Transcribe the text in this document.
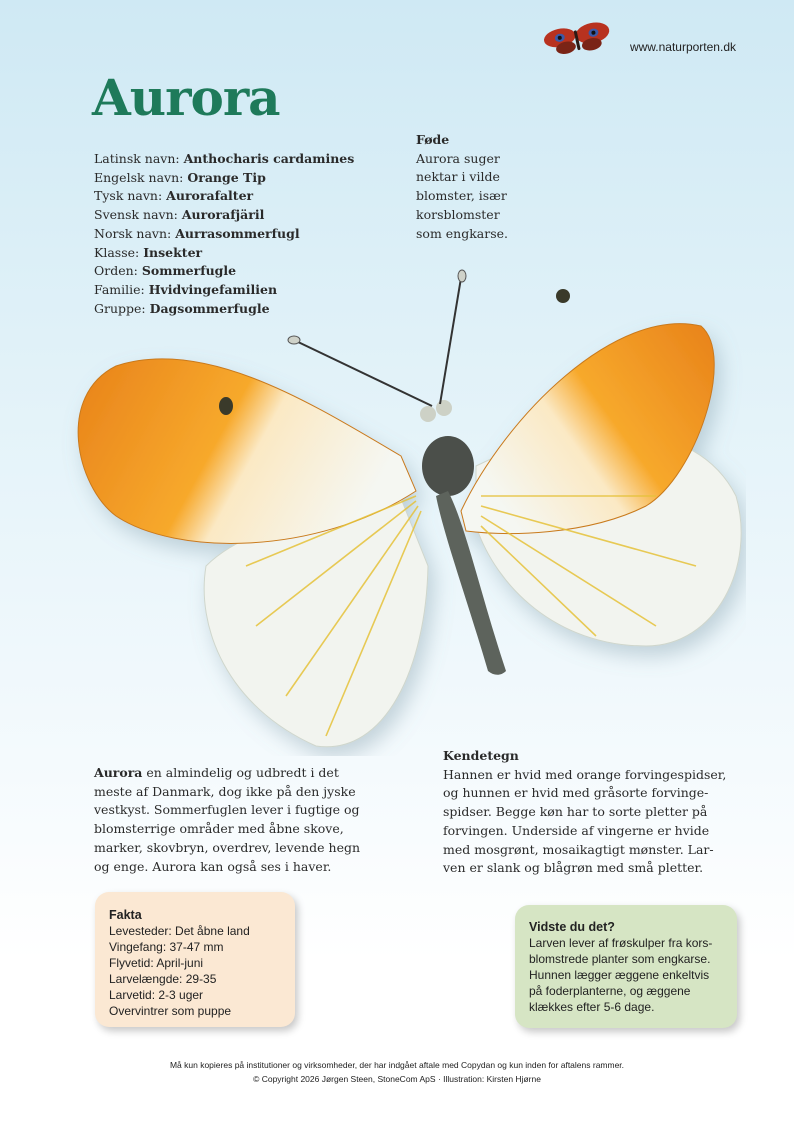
www.naturporten.dk
Aurora
Latinsk navn: Anthocharis cardamines
Engelsk navn: Orange Tip
Tysk navn: Aurorafalter
Svensk navn: Aurorafjäril
Norsk navn: Aurrasommerfugl
Klasse: Insekter
Orden: Sommerfugle
Familie: Hvidvingefamilien
Gruppe: Dagsommerfugle
Føde
Aurora suger
nektar i vilde
blomster, især
korsblomster
som engkarse.
Aurora en almindelig og udbredt i det
meste af Danmark, dog ikke på den jyske
vestkyst. Sommerfuglen lever i fugtige og
blomsterrige områder med åbne skove,
marker, skovbryn, overdrev, levende hegn
og enge. Aurora kan også ses i haver.
Kendetegn
Hannen er hvid med orange forvingespidser,
og hunnen er hvid med gråsorte forvinge-
spidser. Begge køn har to sorte pletter på
forvingen. Underside af vingerne er hvide
med mosgrønt, mosaikagtigt mønster. Lar-
ven er slank og blågrøn med små pletter.
Fakta
Levesteder: Det åbne land
Vingefang: 37-47 mm
Flyvetid: April-juni
Larvelængde: 29-35
Larvetid: 2-3 uger
Overvintrer som puppe
Vidste du det?
Larven lever af frøskulper fra kors-
blomstrede planter som engkarse.
Hunnen lægger æggene enkeltvis
på foderplanterne, og æggene
klækkes efter 5-6 dage.
Må kun kopieres på institutioner og virksomheder, der har indgået aftale med Copydan og kun inden for aftalens rammer.
© Copyright 2026 Jørgen Steen, StoneCom ApS · Illustration: Kirsten Hjørne
